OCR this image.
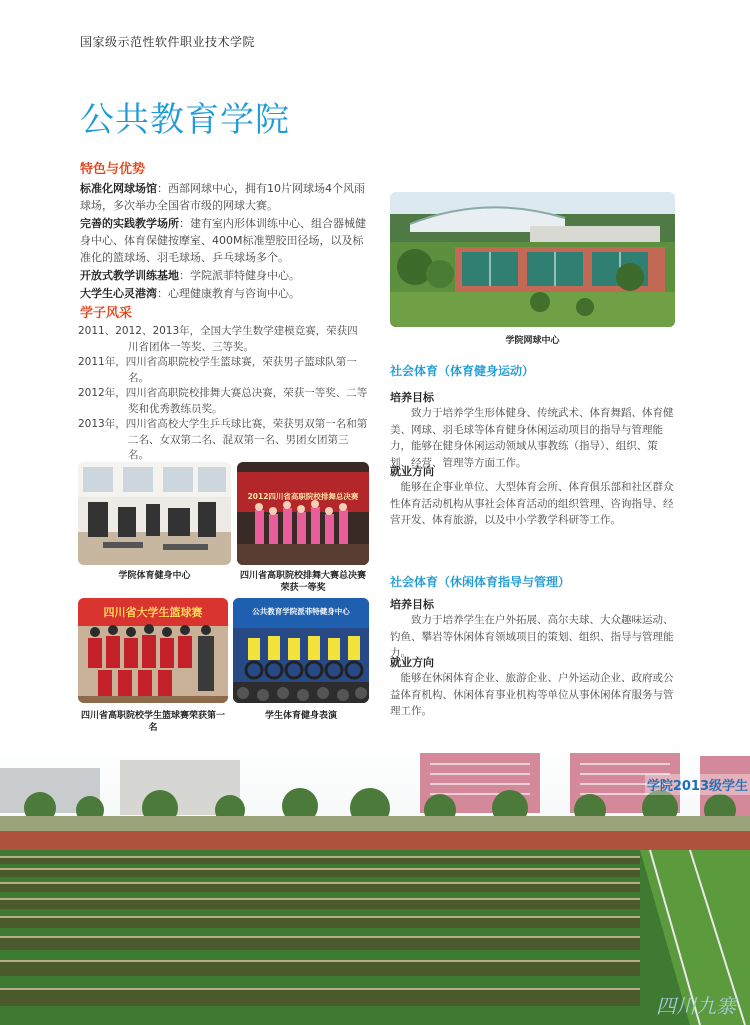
国家级示范性软件职业技术学院
公共教育学院
特色与优势
标准化网球场馆：西部网球中心，拥有10片网球场4个风雨球场，多次举办全国省市级的网球大赛。
完善的实践教学场所：建有室内形体训练中心、组合器械健身中心、体育保健按摩室、400M标准塑胶田径场，以及标准化的篮球场、羽毛球场、乒乓球场多个。
开放式教学训练基地：学院派菲特健身中心。
大学生心灵港湾：心理健康教育与咨询中心。
学子风采
2011、2012、2013年，全国大学生数学建模竞赛，荣获四川省团体一等奖、三等奖。
2011年，四川省高职院校学生篮球赛，荣获男子篮球队第一名。
2012年，四川省高职院校排舞大赛总决赛，荣获一等奖、二等奖和优秀教练员奖。
2013年，四川省高校大学生乒乓球比赛，荣获男双第一名和第二名、女双第二名、混双第一名、男团女团第三名。
学院网球中心
学院体育健身中心
2012四川省高职院校排舞总决赛
四川省高职院校排舞大赛总决赛荣获一等奖
四川省大学生篮球赛
四川省高职院校学生篮球赛荣获第一名
公共教育学院派菲特健身中心
学生体育健身表演
社会体育（体育健身运动）
培养目标
致力于培养学生形体健身、传统武术、体育舞蹈、体育健美、网球、羽毛球等体育健身休闲运动项目的指导与管理能力，能够在健身休闲运动领域从事教练（指导）、组织、策划、经营、管理等方面工作。
就业方向
能够在企事业单位、大型体育会所、体育俱乐部和社区群众性体育活动机构从事社会体育活动的组织管理、咨询指导、经营开发、体育旅游，以及中小学教学科研等工作。
社会体育（休闲体育指导与管理）
培养目标
致力于培养学生在户外拓展、高尔夫球、大众趣味运动、钓鱼、攀岩等休闲体育领域项目的策划、组织、指导与管理能力。
就业方向
能够在休闲体育企业、旅游企业、户外运动企业、政府或公益体育机构、休闲体育事业机构等单位从事休闲体育服务与管理工作。
学院2013级学生
四川九寨
